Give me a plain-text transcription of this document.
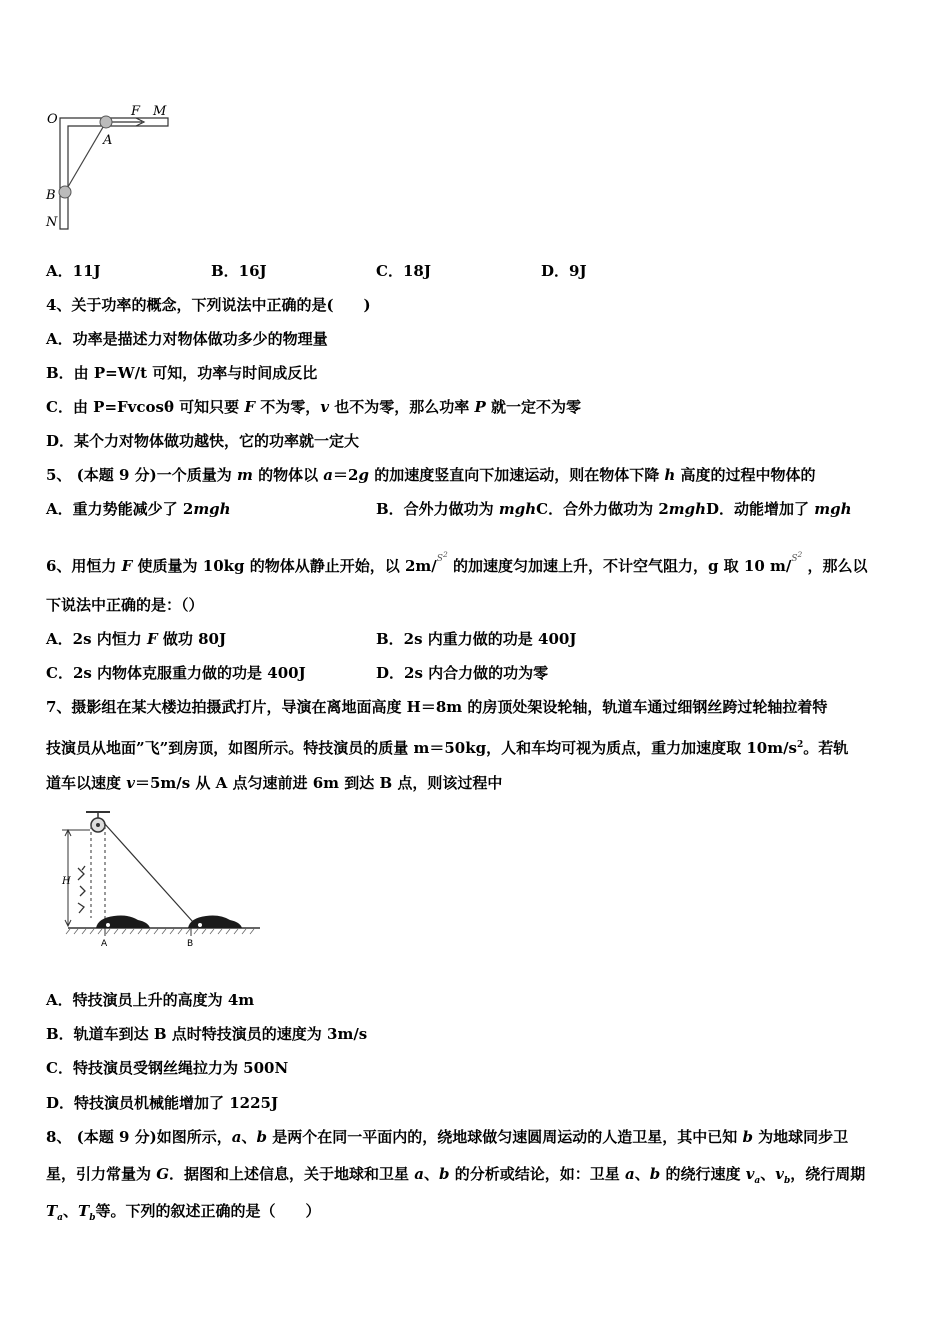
O
F M
A
B
N
A．11J	B．16J	C．18J	D．9J
4、关于功率的概念，下列说法中正确的是(　　)
A．功率是描述力对物体做功多少的物理量
B．由 P=W/t 可知，功率与时间成反比
C．由 P=Fvcosθ 可知只要 F 不为零，v 也不为零，那么功率 P 就一定不为零
D．某个力对物体做功越快，它的功率就一定大
5、 (本题 9 分)一个质量为 m 的物体以 a＝2g 的加速度竖直向下加速运动，则在物体下降 h 高度的过程中物体的
A．重力势能减少了 2mgh	B．合外力做功为 mghC．合外力做功为 2mghD．动能增加了 mgh
6、用恒力 F 使质量为 10kg 的物体从静止开始，以 2m/$^{S^2}$ 的加速度匀加速上升，不计空气阻力，g 取 10 m/$^{S^2}$ ，那么以
下说法中正确的是：（）
A．2s 内恒力 F 做功 80J	B．2s 内重力做的功是 400J
C．2s 内物体克服重力做的功是 400J	D．2s 内合力做的功为零
7、摄影组在某大楼边拍摄武打片，导演在离地面高度 H＝8m 的房顶处架设轮轴，轨道车通过细钢丝跨过轮轴拉着特
技演员从地面”飞”到房顶，如图所示。特技演员的质量 m＝50kg，人和车均可视为质点，重力加速度取 $10m/s^2$。若轨
道车以速度 v＝5m/s 从 A 点匀速前进 6m 到达 B 点，则该过程中
H
A	B
A．特技演员上升的高度为 4m
B．轨道车到达 B 点时特技演员的速度为 3m/s
C．特技演员受钢丝绳拉力为 500N
D．特技演员机械能增加了 1225J
8、 (本题 9 分)如图所示，a、b 是两个在同一平面内的，绕地球做匀速圆周运动的人造卫星，其中已知 b 为地球同步卫
星，引力常量为 G．据图和上述信息，关于地球和卫星 a、b 的分析或结论，如：卫星 a、b 的绕行速度 $v_a$、$v_b$，绕行周期
$T_a$、$T_b$等。下列的叙述正确的是（　　）
